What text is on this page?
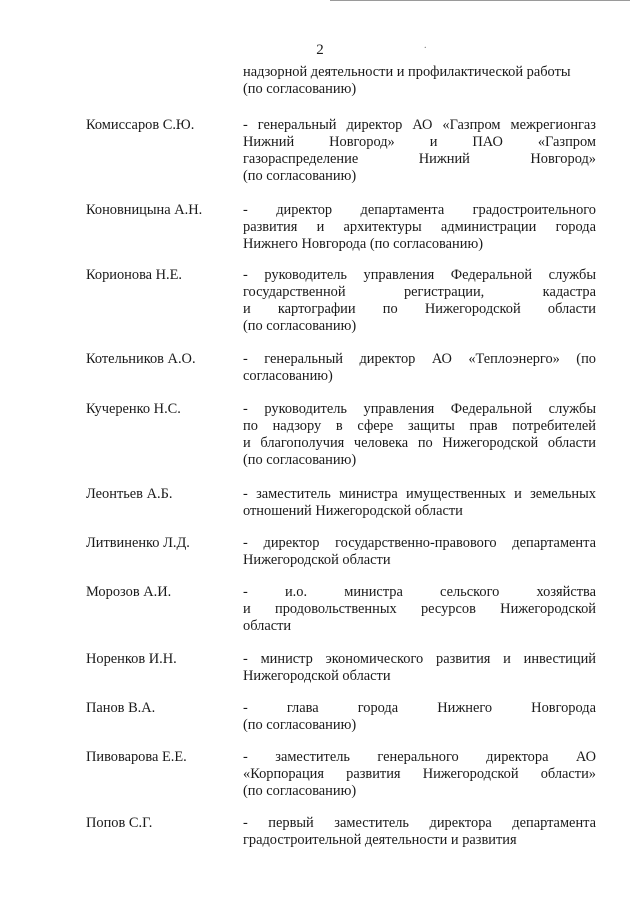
2	.
надзорной деятельности и профилактической работы
(по согласованию)
Комиссаров С.Ю.	- генеральный директор АО «Газпром межрегионгаз
Нижний Новгород» и ПАО «Газпром
газораспределение Нижний Новгород»
(по согласованию)
Коновницына А.Н.	- директор департамента градостроительного
развития и архитектуры администрации города
Нижнего Новгорода (по согласованию)
Корионова Н.Е.	- руководитель управления Федеральной службы
государственной регистрации, кадастра
и картографии по Нижегородской области
(по согласованию)
Котельников А.О.	- генеральный директор АО «Теплоэнерго» (по
согласованию)
Кучеренко Н.С.	- руководитель управления Федеральной службы
по надзору в сфере защиты прав потребителей
и благополучия человека по Нижегородской области
(по согласованию)
Леонтьев А.Б.	- заместитель министра имущественных и земельных
отношений Нижегородской области
Литвиненко Л.Д.	- директор государственно-правового департамента
Нижегородской области
Морозов А.И.	- и.о. министра сельского хозяйства
и продовольственных ресурсов Нижегородской
области
Норенков И.Н.	- министр экономического развития и инвестиций
Нижегородской области
Панов В.А.	- глава города Нижнего Новгорода
(по согласованию)
Пивоварова Е.Е.	- заместитель генерального директора АО
«Корпорация развития Нижегородской области»
(по согласованию)
Попов С.Г.	- первый заместитель директора департамента
градостроительной деятельности и развития
